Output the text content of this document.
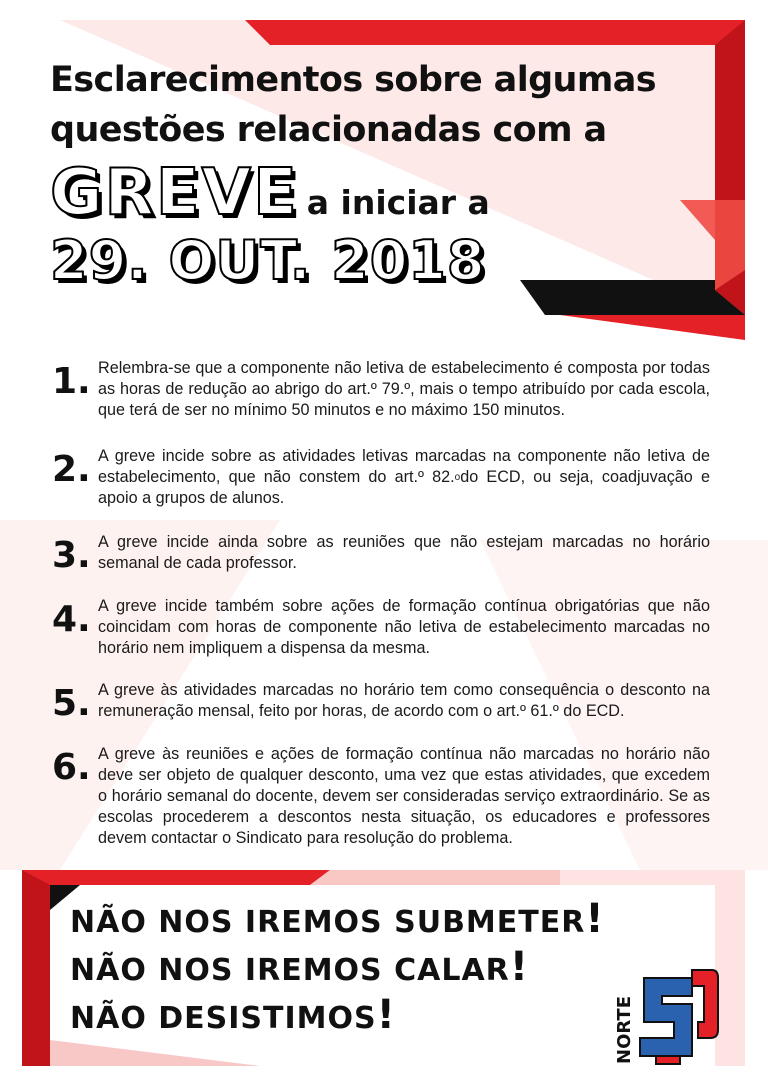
Esclarecimentos sobre algumas
questões relacionadas com a
GREVE a iniciar a
29. OUT. 2018
1. Relembra-se que a componente não letiva de estabelecimento é composta por todas as horas de redução ao abrigo do art.º 79.º, mais o tempo atribuído por cada escola, que terá de ser no mínimo 50 minutos e no máximo 150 minutos.
2. A greve incide sobre as atividades letivas marcadas na componente não letiva de estabelecimento, que não constem do art.º 82.$^o$do ECD, ou seja, coadjuvação e apoio a grupos de alunos.
3. A greve incide ainda sobre as reuniões que não estejam marcadas no horário semanal de cada professor.
4. A greve incide também sobre ações de formação contínua obrigatórias que não coincidam com horas de componente não letiva de estabelecimento marcadas no horário nem impliquem a dispensa da mesma.
5. A greve às atividades marcadas no horário tem como consequência o desconto na remuneração mensal, feito por horas, de acordo com o art.º 61.º do ECD.
6. A greve às reuniões e ações de formação contínua não marcadas no horário não deve ser objeto de qualquer desconto, uma vez que estas atividades, que excedem o horário semanal do docente, devem ser consideradas serviço extraordinário. Se as escolas procederem a descontos nesta situação, os educadores e professores devem contactar o Sindicato para resolução do problema.
NÃO NOS IREMOS SUBMETER!
NÃO NOS IREMOS CALAR!
NÃO DESISTIMOS!	NORTE
